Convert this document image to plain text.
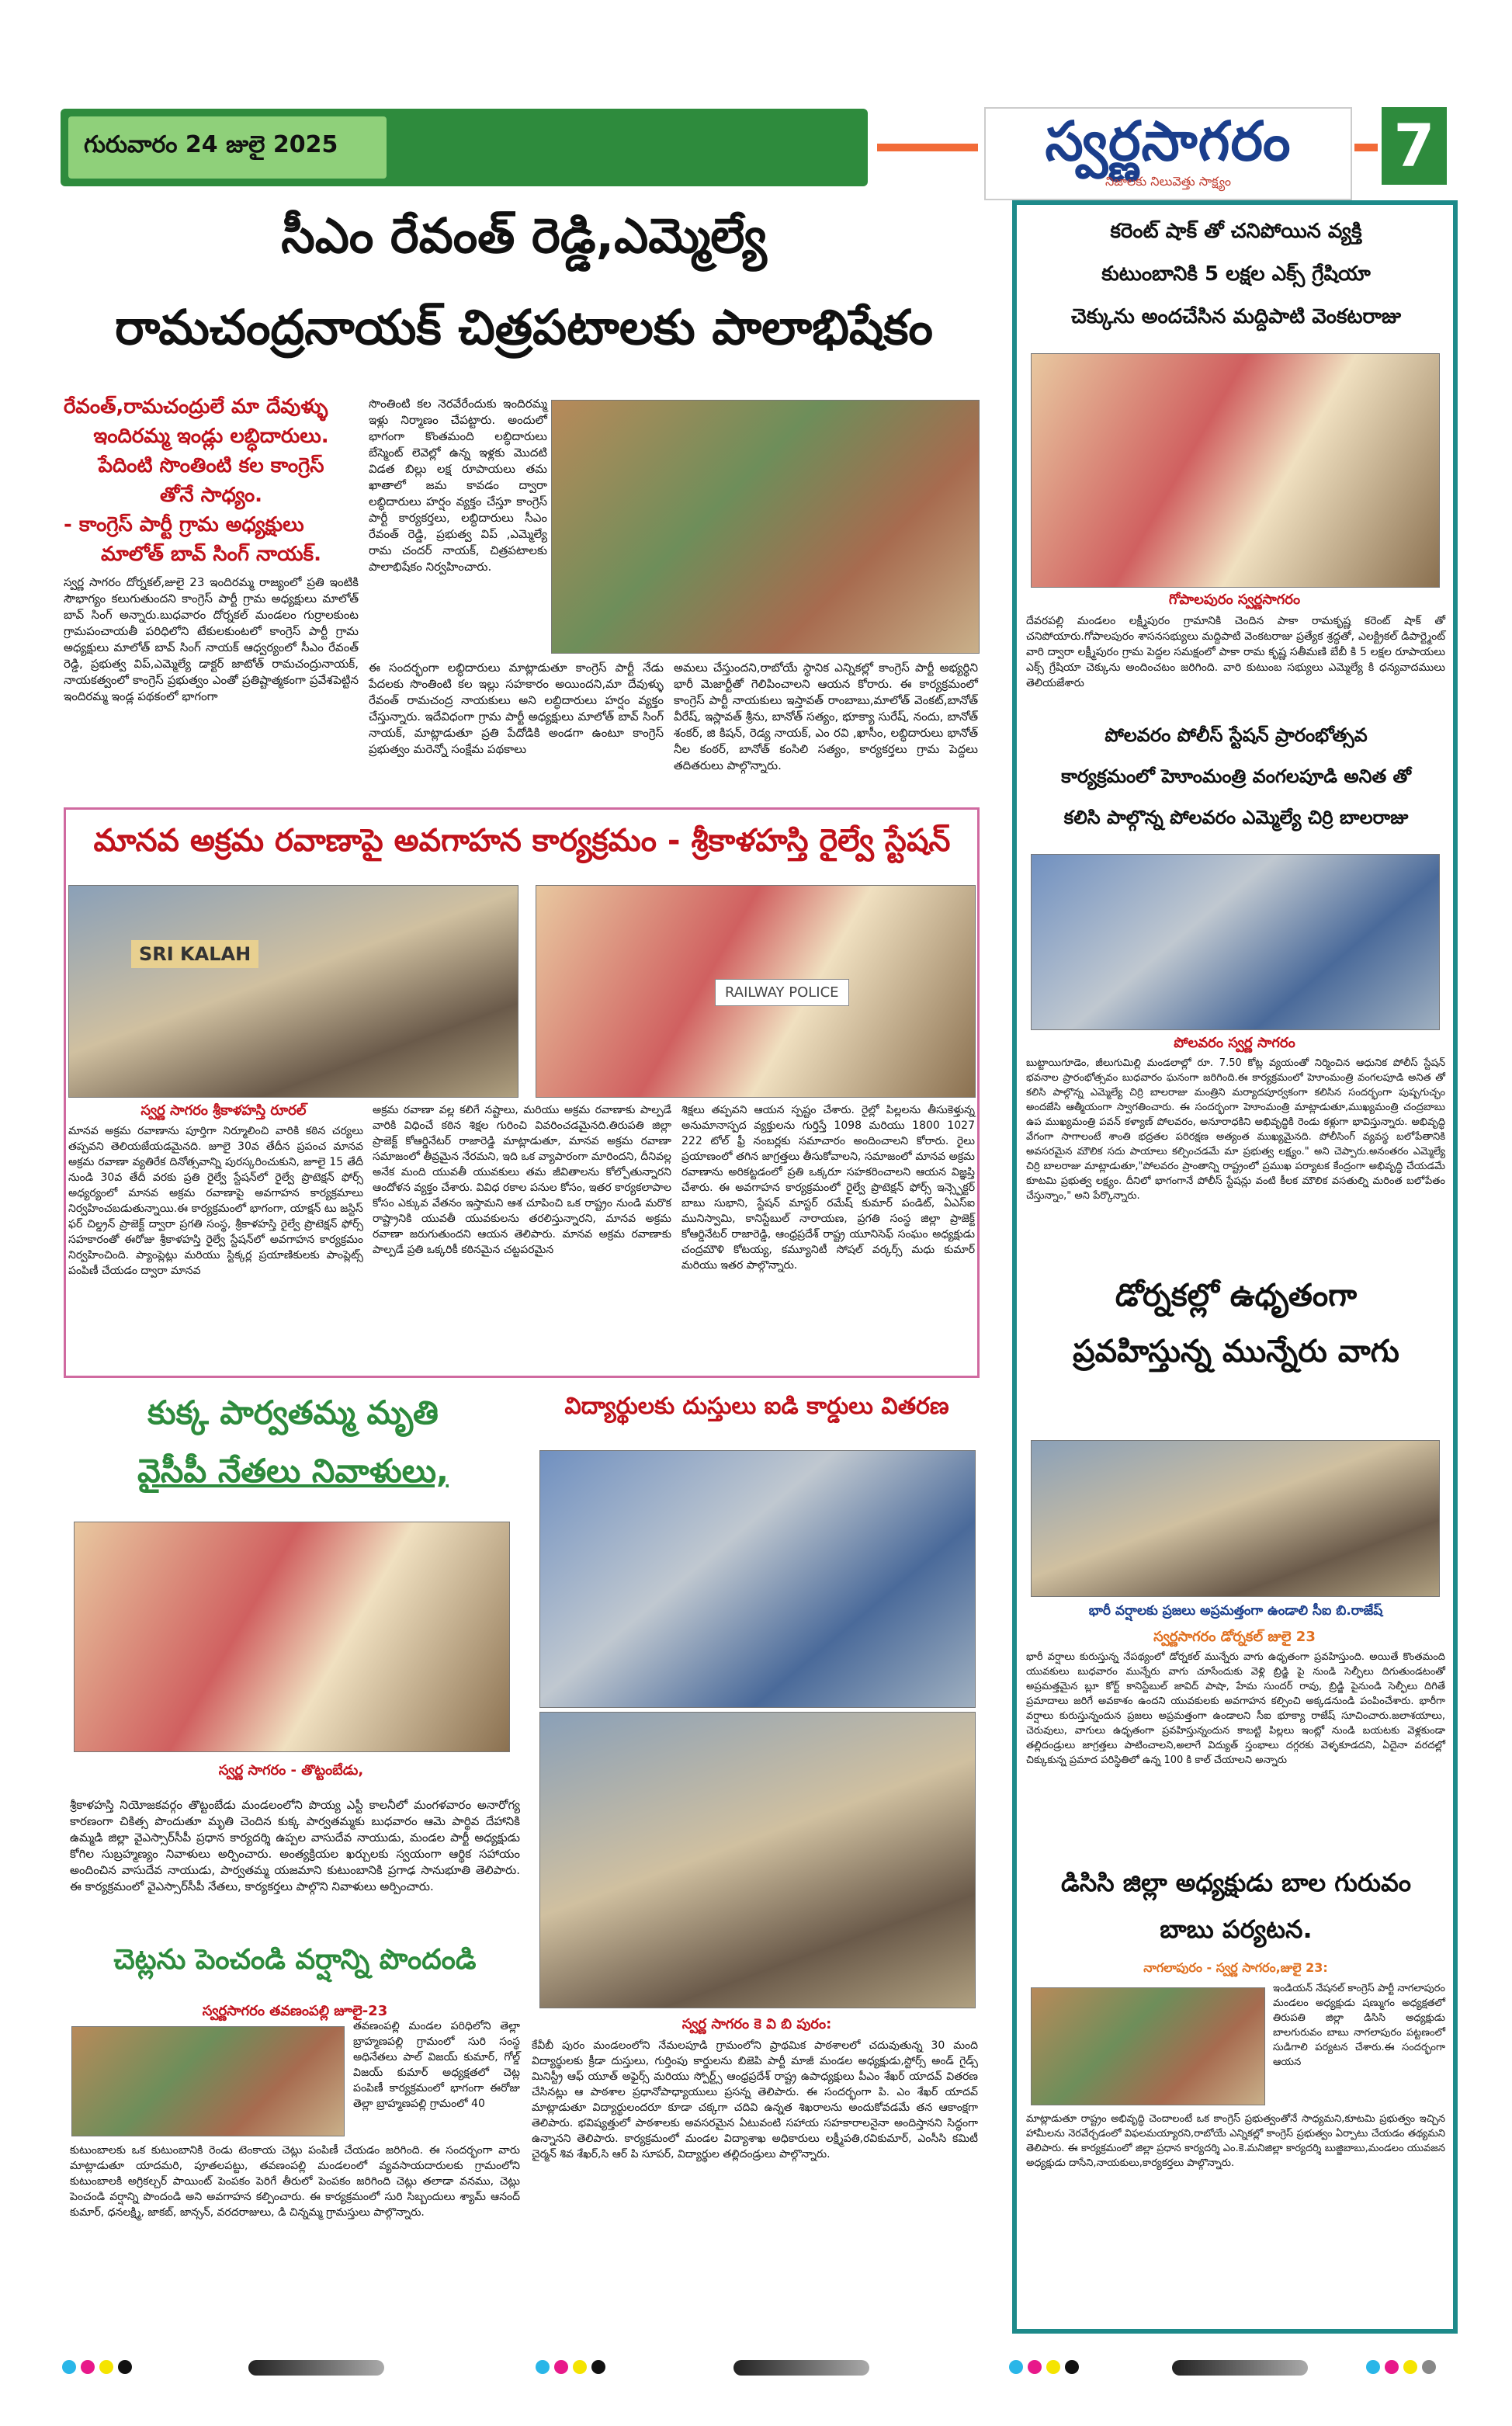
గురువారం 24 జులై 2025	స్వర్ణసాగరం
నిజాలకు నిలువెత్తు సాక్ష్యం
7
సీఎం రేవంత్ రెడ్డి,ఎమ్మెల్యే
రామచంద్రనాయక్ చిత్రపటాలకు పాలాభిషేకం
రేవంత్,రామచంద్రులే మా దేవుళ్ళు
ఇందిరమ్మ ఇండ్లు లబ్ధిదారులు.
పేదింటి సొంతింటి కల కాంగ్రెస్
తోనే సాధ్యం.
- కాంగ్రెస్ పార్టీ గ్రామ అధ్యక్షులు
మాలోత్ బావ్ సింగ్ నాయక్.
స్వర్ణ సాగరం దోర్నకల్,జులై 23 ఇందిరమ్మ రాజ్యంలో ప్రతి ఇంటికి సౌభాగ్యం కలుగుతుందని కాంగ్రెస్ పార్టీ గ్రామ అధ్యక్షులు మాలోత్ బావ్ సింగ్ అన్నారు.బుధవారం దోర్నకల్ మండలం గుర్రాలకుంట గ్రామపంచాయతీ పరిధిలోని టేకులకుంటలో కాంగ్రెస్ పార్టీ గ్రామ అధ్యక్షులు మాలోత్ బావ్ సింగ్ నాయక్ ఆధ్వర్యంలో సీఎం రేవంత్ రెడ్డి, ప్రభుత్వ విప్,ఎమ్మెల్యే డాక్టర్ జాటోత్ రామచంద్రునాయక్, నాయకత్వంలో కాంగ్రెస్ ప్రభుత్వం ఎంతో ప్రతిష్టాత్మకంగా ప్రవేశపెట్టిన ఇందిరమ్మ ఇండ్ల పథకంలో భాగంగా
సొంతింటి కల నెరవేరేందుకు ఇందిరమ్మ ఇళ్లు నిర్మాణం చేపట్టారు. అందులో భాగంగా కొంతమంది లబ్ధిదారులు బేస్మెంట్ లెవెల్లో ఉన్న ఇళ్లకు మొదటి విడత బిల్లు లక్ష రూపాయలు తమ ఖాతాలో జమ కావడం ద్వారా లబ్ధిదారులు హర్షం వ్యక్తం చేస్తూ కాంగ్రెస్ పార్టీ కార్యకర్తలు, లబ్ధిదారులు సీఎం రేవంత్ రెడ్డి, ప్రభుత్వ విప్ ,ఎమ్మెల్యే రామ చందర్ నాయక్, చిత్రపటాలకు పాలాభిషేకం నిర్వహించారు.
ఈ సందర్భంగా లబ్ధిదారులు మాట్లాడుతూ కాంగ్రెస్ పార్టీ నేడు పేదలకు సొంతింటి కల ఇల్లు సహకారం అయిందని,మా దేవుళ్ళు రేవంత్ రామచంద్ర నాయకులు అని లబ్ధిదారులు హర్షం వ్యక్తం చేస్తున్నారు. ఇదేవిధంగా గ్రామ పార్టీ అధ్యక్షులు మాలోత్ బావ్ సింగ్ నాయక్, మాట్లాడుతూ ప్రతి పేదోడికి అండగా ఉంటూ కాంగ్రెస్ ప్రభుత్వం మరెన్నో సంక్షేమ పథకాలు
అమలు చేస్తుందని,రాబోయే స్థానిక ఎన్నికల్లో కాంగ్రెస్ పార్టీ అభ్యర్థిని భారీ మెజార్టీతో గెలిపించాలని ఆయన కోరారు. ఈ కార్యక్రమంలో కాంగ్రెస్ పార్టీ నాయకులు ఇస్తావత్ రాంబాబు,మాలోత్ వెంకట్,బానోత్ వీరేష్, ఇస్లావత్ శ్రీను, బానోత్ సత్యం, భూక్యా సురేష్, నందు, బానోత్ శంకర్, జి కిషన్, రెడ్య నాయక్, ఎం రవి ,ఖాసీం, లబ్ధిదారులు భానోత్ నీల కంఠర్, బానోత్ కంసిలి సత్యం, కార్యకర్తలు గ్రామ పెద్దలు తదితరులు పాల్గొన్నారు.
మానవ అక్రమ రవాణాపై అవగాహన కార్యక్రమం - శ్రీకాళహస్తి రైల్వే స్టేషన్
SRI KALAH
RAILWAY POLICE
స్వర్ణ సాగరం శ్రీకాళహస్తి రూరల్
మానవ అక్రమ రవాణాను పూర్తిగా నిర్మూలించి వారికి కఠిన చర్యలు తప్పవని తెలియజేయడమైనది. జూలై 30వ తేదీన ప్రపంచ మానవ అక్రమ రవాణా వ్యతిరేక దినోత్సవాన్ని పురస్కరించుకుని, జూలై 15 తేదీ నుండి 30వ తేదీ వరకు ప్రతి రైల్వే స్టేషన్‌లో రైల్వే ప్రొటెక్షన్ ఫోర్స్ అధ్యర్యంలో మానవ అక్రమ రవాణాపై అవగాహన కార్యక్రమాలు నిర్వహించబడుతున్నాయి.ఈ కార్యక్రమంలో భాగంగా, యాక్షన్ టు జస్టిస్ ఫర్ చిల్డ్రన్ ప్రాజెక్ట్ ద్వారా ప్రగతి సంస్థ, శ్రీకాళహస్తి రైల్వే ప్రొటెక్షన్ ఫోర్స్ సహకారంతో ఈరోజు శ్రీకాళహస్తి రైల్వే స్టేషన్‌లో అవగాహన కార్యక్రమం నిర్వహించింది. ప్యాంప్లెట్లు మరియు స్టిక్కర్ల ప్రయాణికులకు పాంప్లెట్స్ పంపిణీ చేయడం ద్వారా మానవ
అక్రమ రవాణా వల్ల కలిగే నష్టాలు, మరియు అక్రమ రవాణాకు పాల్పడే వారికి విధించే కఠిన శిక్షల గురించి వివరించడమైనది.తిరుపతి జిల్లా ప్రాజెక్ట్ కోఆర్డినేటర్ రాజారెడ్డి మాట్లాడుతూ, మానవ అక్రమ రవాణా సమాజంలో తీవ్రమైన నేరమని, ఇది ఒక వ్యాపారంగా మారిందని, దీనివల్ల అనేక మంది యువతీ యువకులు తమ జీవితాలను కోల్పోతున్నారని ఆందోళన వ్యక్తం చేశారు. వివిధ రకాల పనుల కోసం, ఇతర కార్యకలాపాల కోసం ఎక్కువ వేతనం ఇస్తామని ఆశ చూపించి ఒక రాష్ట్రం నుండి మరొక రాష్ట్రానికి యువతీ యువకులను తరలిస్తున్నారని, మానవ అక్రమ రవాణా జరుగుతుందని ఆయన తెలిపారు. మానవ అక్రమ రవాణాకు పాల్పడే ప్రతి ఒక్కరికీ కఠినమైన చట్టపరమైన
శిక్షలు తప్పవని ఆయన స్పష్టం చేశారు. రైల్లో పిల్లలను తీసుకెళ్తున్న అనుమానాస్పద వ్యక్తులను గుర్తిస్తే 1098 మరియు 1800 1027 222 టోల్ ఫ్రీ నంబర్లకు సమాచారం అందించాలని కోరారు. రైలు ప్రయాణంలో తగిన జాగ్రత్తలు తీసుకోవాలని, సమాజంలో మానవ అక్రమ రవాణాను అరికట్టడంలో ప్రతి ఒక్కరూ సహకరించాలని ఆయన విజ్ఞప్తి చేశారు. ఈ అవగాహన కార్యక్రమంలో రైల్వే ప్రొటెక్షన్ ఫోర్స్ ఇన్స్పెక్టర్ బాబు సుభాని, స్టేషన్ మాస్టర్ రమేష్ కుమార్ పండిట్, ఏఎస్ఐ మునిస్వామి, కానిస్టేబుల్ నారాయణ, ప్రగతి సంస్థ జిల్లా ప్రాజెక్ట్ కోఆర్డినేటర్ రాజారెడ్డి, ఆంధ్రప్రదేశ్ రాష్ట్ర యూనిసెఫ్ సంఘం అధ్యక్షుడు చంద్రమౌళి కోటయ్య, కమ్యూనిటీ సోషల్ వర్కర్స్ మధు కుమార్ మరియు ఇతర పాల్గొన్నారు.
కుక్క పార్వతమ్మ మృతి
వైసీపీ నేతలు నివాళులు,
స్వర్ణ సాగరం - తొట్టంబేడు,
శ్రీకాళహస్తి నియోజకవర్గం తొట్టంబేడు మండలంలోని పొయ్య ఎస్టీ కాలనీలో మంగళవారం అనారోగ్య కారణంగా చికిత్స పొందుతూ మృతి చెందిన కుక్క పార్వతమ్మకు బుధవారం ఆమె పార్థివ దేహానికి ఉమ్మడి జిల్లా వైఎస్సార్‌సీపీ ప్రధాన కార్యదర్శి ఉప్పల వాసుదేవ నాయుడు, మండల పార్టీ అధ్యక్షుడు కోగిల సుబ్రహ్మణ్యం నివాళులు అర్పించారు. అంత్యక్రియల ఖర్చులకు స్వయంగా ఆర్థిక సహాయం అందించిన వాసుదేవ నాయుడు, పార్వతమ్మ యజమాని కుటుంబానికి ప్రగాఢ సానుభూతి తెలిపారు. ఈ కార్యక్రమంలో వైఎస్సార్‌సీపీ నేతలు, కార్యకర్తలు పాల్గొని నివాళులు అర్పించారు.
చెట్లను పెంచండి వర్షాన్ని పొందండి
స్వర్ణసాగరం తవణంపల్లి జూలై-23
తవణంపల్లి మండల పరిధిలోని తెల్లా బ్రాహ్మణపల్లి గ్రామంలో సురి సంస్థ అధినేతలు పాల్ విజయ్ కుమార్, గోల్డ్ విజయ్ కుమార్ అధ్యక్షతలో చెట్ల పంపిణీ కార్యక్రమంలో భాగంగా ఈరోజు తెల్లా బ్రాహ్మణపల్లి గ్రామంలో 40
కుటుంబాలకు ఒక కుటుంబానికి రెండు టెంకాయ చెట్లు పంపిణీ చేయడం జరిగింది. ఈ సందర్భంగా వారు మాట్లాడుతూ యాదమరి, పూతలపట్టు, తవణంపల్లి మండలంలో వ్యవసాయదారులకు గ్రామంలోని కుటుంబాలకి అగ్రికల్చర్ పాయింట్ పెంపకం పెరిగే తీరులో పెంపకం జరిగింది చెట్లు తలాడా వనము, చెట్లు పెంచండి వర్షాన్ని పొందండి అని అవగాహన కల్పించారు. ఈ కార్యక్రమంలో సురి సిబ్బందులు శ్యామ్ ఆనంద్ కుమార్, ధనలక్ష్మి, జాకబ్, జాన్సన్, వరదరాజులు, డి చిన్నమ్మ గ్రామస్తులు పాల్గొన్నారు.
విద్యార్థులకు దుస్తులు ఐడి కార్డులు వితరణ
స్వర్ణ సాగరం కె వి బి పురం:
కేవీబీ పురం మండలంలోని నేమలపూడి గ్రామంలోని ప్రాథమిక పాఠశాలలో చదువుతున్న 30 మంది విద్యార్థులకు క్రీడా దుస్తులు, గుర్తింపు కార్డులను బిజెపి పార్టీ మాజీ మండల అధ్యక్షుడు,స్టోర్స్ అండ్ గైడ్స్ మినిస్ట్రీ ఆఫ్ యూత్ అఫైర్స్ మరియు స్పోర్ట్స్ ఆంధ్రప్రదేశ్ రాష్ట్ర ఉపాధ్యక్షులు పీఎం శేఖర్ యాదవ్ వితరణ చేసినట్లు ఆ పాఠశాల ప్రధానోపాధ్యాయులు ప్రసన్న తెలిపారు. ఈ సందర్భంగా పి. ఎం శేఖర్ యాదవ్ మాట్లాడుతూ విద్యార్థులందరూ కూడా చక్కగా చదివి ఉన్నత శిఖరాలను అందుకోవడమే తన ఆకాంక్షగా తెలిపారు. భవిష్యత్తులో పాఠశాలకు అవసరమైన ఏటువంటి సహాయ సహకారాలనైనా అందిస్తానని సిద్ధంగా ఉన్నానని తెలిపారు. కార్యక్రమంలో మండల విద్యాశాఖ అధికారులు లక్ష్మీపతి,రవికుమార్, ఎంసీసి కమిటీ చైర్మన్ శివ శేఖర్,సి ఆర్ పి సూపర్, విద్యార్థుల తల్లిదండ్రులు పాల్గొన్నారు.
కరెంట్ షాక్ తో చనిపోయిన వ్యక్తి
కుటుంబానికి 5 లక్షల ఎక్స్ గ్రేషియా
చెక్కును అందచేసిన మద్దిపాటి వెంకటరాజు
గోపాలపురం స్వర్ణసాగరం
దేవరపల్లి మండలం లక్ష్మీపురం గ్రామానికి చెందిన పాకా రామకృష్ణ కరెంట్ షాక్ తో చనిపోయారు.గోపాలపురం శాసనసభ్యులు మద్దిపాటి వెంకటరాజు ప్రత్యేక శ్రద్ధతో, ఎలక్ట్రికల్ డిపార్ట్మెంట్ వారి ద్వారా లక్ష్మీపురం గ్రామ పెద్దల సమక్షంలో పాకా రామ కృష్ణ సతీమణి బేబీ కి 5 లక్షల రూపాయలు ఎక్స్ గ్రేషియా చెక్కును అందించటం జరిగింది. వారి కుటుంబ సభ్యులు ఎమ్మెల్యే కి ధన్యవాదములు తెలియజేశారు
పోలవరం పోలీస్ స్టేషన్ ప్రారంభోత్సవ
కార్యక్రమంలో హెూంమంత్రి వంగలపూడి అనిత తో
కలిసి పాల్గొన్న పోలవరం ఎమ్మెల్యే చిర్రి బాలరాజు
పోలవరం స్వర్ణ సాగరం
బుట్టాయిగూడెం, జీలుగుమిల్లి మండలాల్లో రూ. 7.50 కోట్ల వ్యయంతో నిర్మించిన ఆధునిక పోలీస్ స్టేషన్ భవనాల ప్రారంభోత్సవం బుధవారం ఘనంగా జరిగింది.ఈ కార్యక్రమంలో హెూంమంత్రి వంగలపూడి అనిత తో కలిసి పాల్గొన్న ఎమ్మెల్యే చిర్రి బాలరాజు మంత్రిని మర్యాదపూర్వకంగా కలిసిన సందర్భంగా పుష్పగుచ్ఛం అందజేసి ఆత్మీయంగా స్వాగతించారు. ఈ సందర్భంగా హెూంమంత్రి మాట్లాడుతూ,ముఖ్యమంత్రి చంద్రబాబు ఉప ముఖ్యమంత్రి పవన్ కళ్యాణ్ పోలవరం, అనూరాధకిని అభివృద్ధికి రెండు కళ్లుగా భావిస్తున్నారు. అభివృద్ధి వేగంగా సాగాలంటే శాంతి భద్రతల పరిరక్షణ అత్యంత ముఖ్యమైనది. పోలీసింగ్ వ్యవస్థ బలోపేతానికి అవసరమైన మౌలిక సదు పాయాలు కల్పించడమే మా ప్రభుత్వ లక్ష్యం." అని చెప్పారు.అనంతరం ఎమ్మెల్యే చిర్రి బాలరాజు మాట్లాడుతూ,"పోలవరం ప్రాంతాన్ని రాష్ట్రంలో ప్రముఖ పర్యాటక కేంద్రంగా అభివృద్ధి చేయడమే కూటమి ప్రభుత్వ లక్ష్యం. దీనిలో భాగంగానే పోలీస్ స్టేషన్లు వంటి కీలక మౌలిక వసతుల్ని మరింత బలోపేతం చేస్తున్నాం," అని పేర్కొన్నారు.
డోర్నకల్లో ఉధృతంగా
ప్రవహిస్తున్న మున్నేరు వాగు
భారీ వర్షాలకు ప్రజలు అప్రమత్తంగా ఉండాలి సీఐ బి.రాజేష్
స్వర్ణసాగరం డోర్నకల్ జులై 23
భారీ వర్షాలు కురుస్తున్న నేపథ్యంలో డోర్నకల్ మున్నేరు వాగు ఉధృతంగా ప్రవహిస్తుంది. అయితే కొంతమంది యువకులు బుధవారం మున్నేరు వాగు చూసేందుకు వెళ్లి బ్రిడ్జి పై నుండి సెల్ఫీలు దిగుతుండటంతో అప్రమత్తమైన బ్లూ కోర్ట్ కానిస్టేబుల్ జావిద్ పాషా, హేమ సుందర్ రావు, బ్రిడ్జి పైనుండి సెల్ఫీలు దిగితే ప్రమాదాలు జరిగే అవకాశం ఉందని యువకులకు అవగాహన కల్పించి అక్కడనుండి పంపించేశారు. భారీగా వర్షాలు కురుస్తున్నందున ప్రజలు అప్రమత్తంగా ఉండాలని సీఐ భూక్యా రాజేష్ సూచించారు.జలాశయాలు, చెరువులు, వాగులు ఉధృతంగా ప్రవహిస్తున్నందున కాబట్టి పిల్లలు ఇంట్లో నుండి బయటకు వెళ్లకుండా తల్లిదండ్రులు జాగ్రత్తలు పాటించాలని,అలాగే విద్యుత్ స్తంభాలు దగ్గరకు వెళ్ళకూడదని, ఏదైనా వరదల్లో చిక్కుకున్న ప్రమాద పరిస్థితిలో ఉన్న 100 కి కాల్ చేయాలని అన్నారు
డిసిసి జిల్లా అధ్యక్షుడు బాల గురువం
బాబు పర్యటన.
నాగలాపురం - స్వర్ణ సాగరం,జులై 23:
ఇండియన్ నేషనల్ కాంగ్రెస్ పార్టీ నాగలాపురం మండలం అధ్యక్షుడు షణ్ముగం అధ్యక్షతలో తిరుపతి జిల్లా డిసిసి అధ్యక్షుడు బాలగురువం బాబు నాగలాపురం పట్టణంలో సుడిగాలి పర్యటన చేశారు.ఈ సందర్భంగా ఆయన
మాట్లాడుతూ రాష్ట్రం అభివృద్ధి చెందాలంటే ఒక కాంగ్రెస్ ప్రభుత్వంతోనే సాధ్యమని,కూటమి ప్రభుత్వం ఇచ్చిన హామీలను నెరవేర్చడంలో విఫలమయ్యారని,రాబోయే ఎన్నికల్లో కాంగ్రెస్ ప్రభుత్వం ఏర్పాటు చేయడం తథ్యమని తెలిపారు. ఈ కార్యక్రమంలో జిల్లా ప్రధాన కార్యదర్శి ఎం.కె.మనిజిల్లా కార్యదర్శి బుజ్జిబాబు,మండలం యువజన అధ్యక్షుడు దాసేని,నాయకులు,కార్యకర్తలు పాల్గొన్నారు.
